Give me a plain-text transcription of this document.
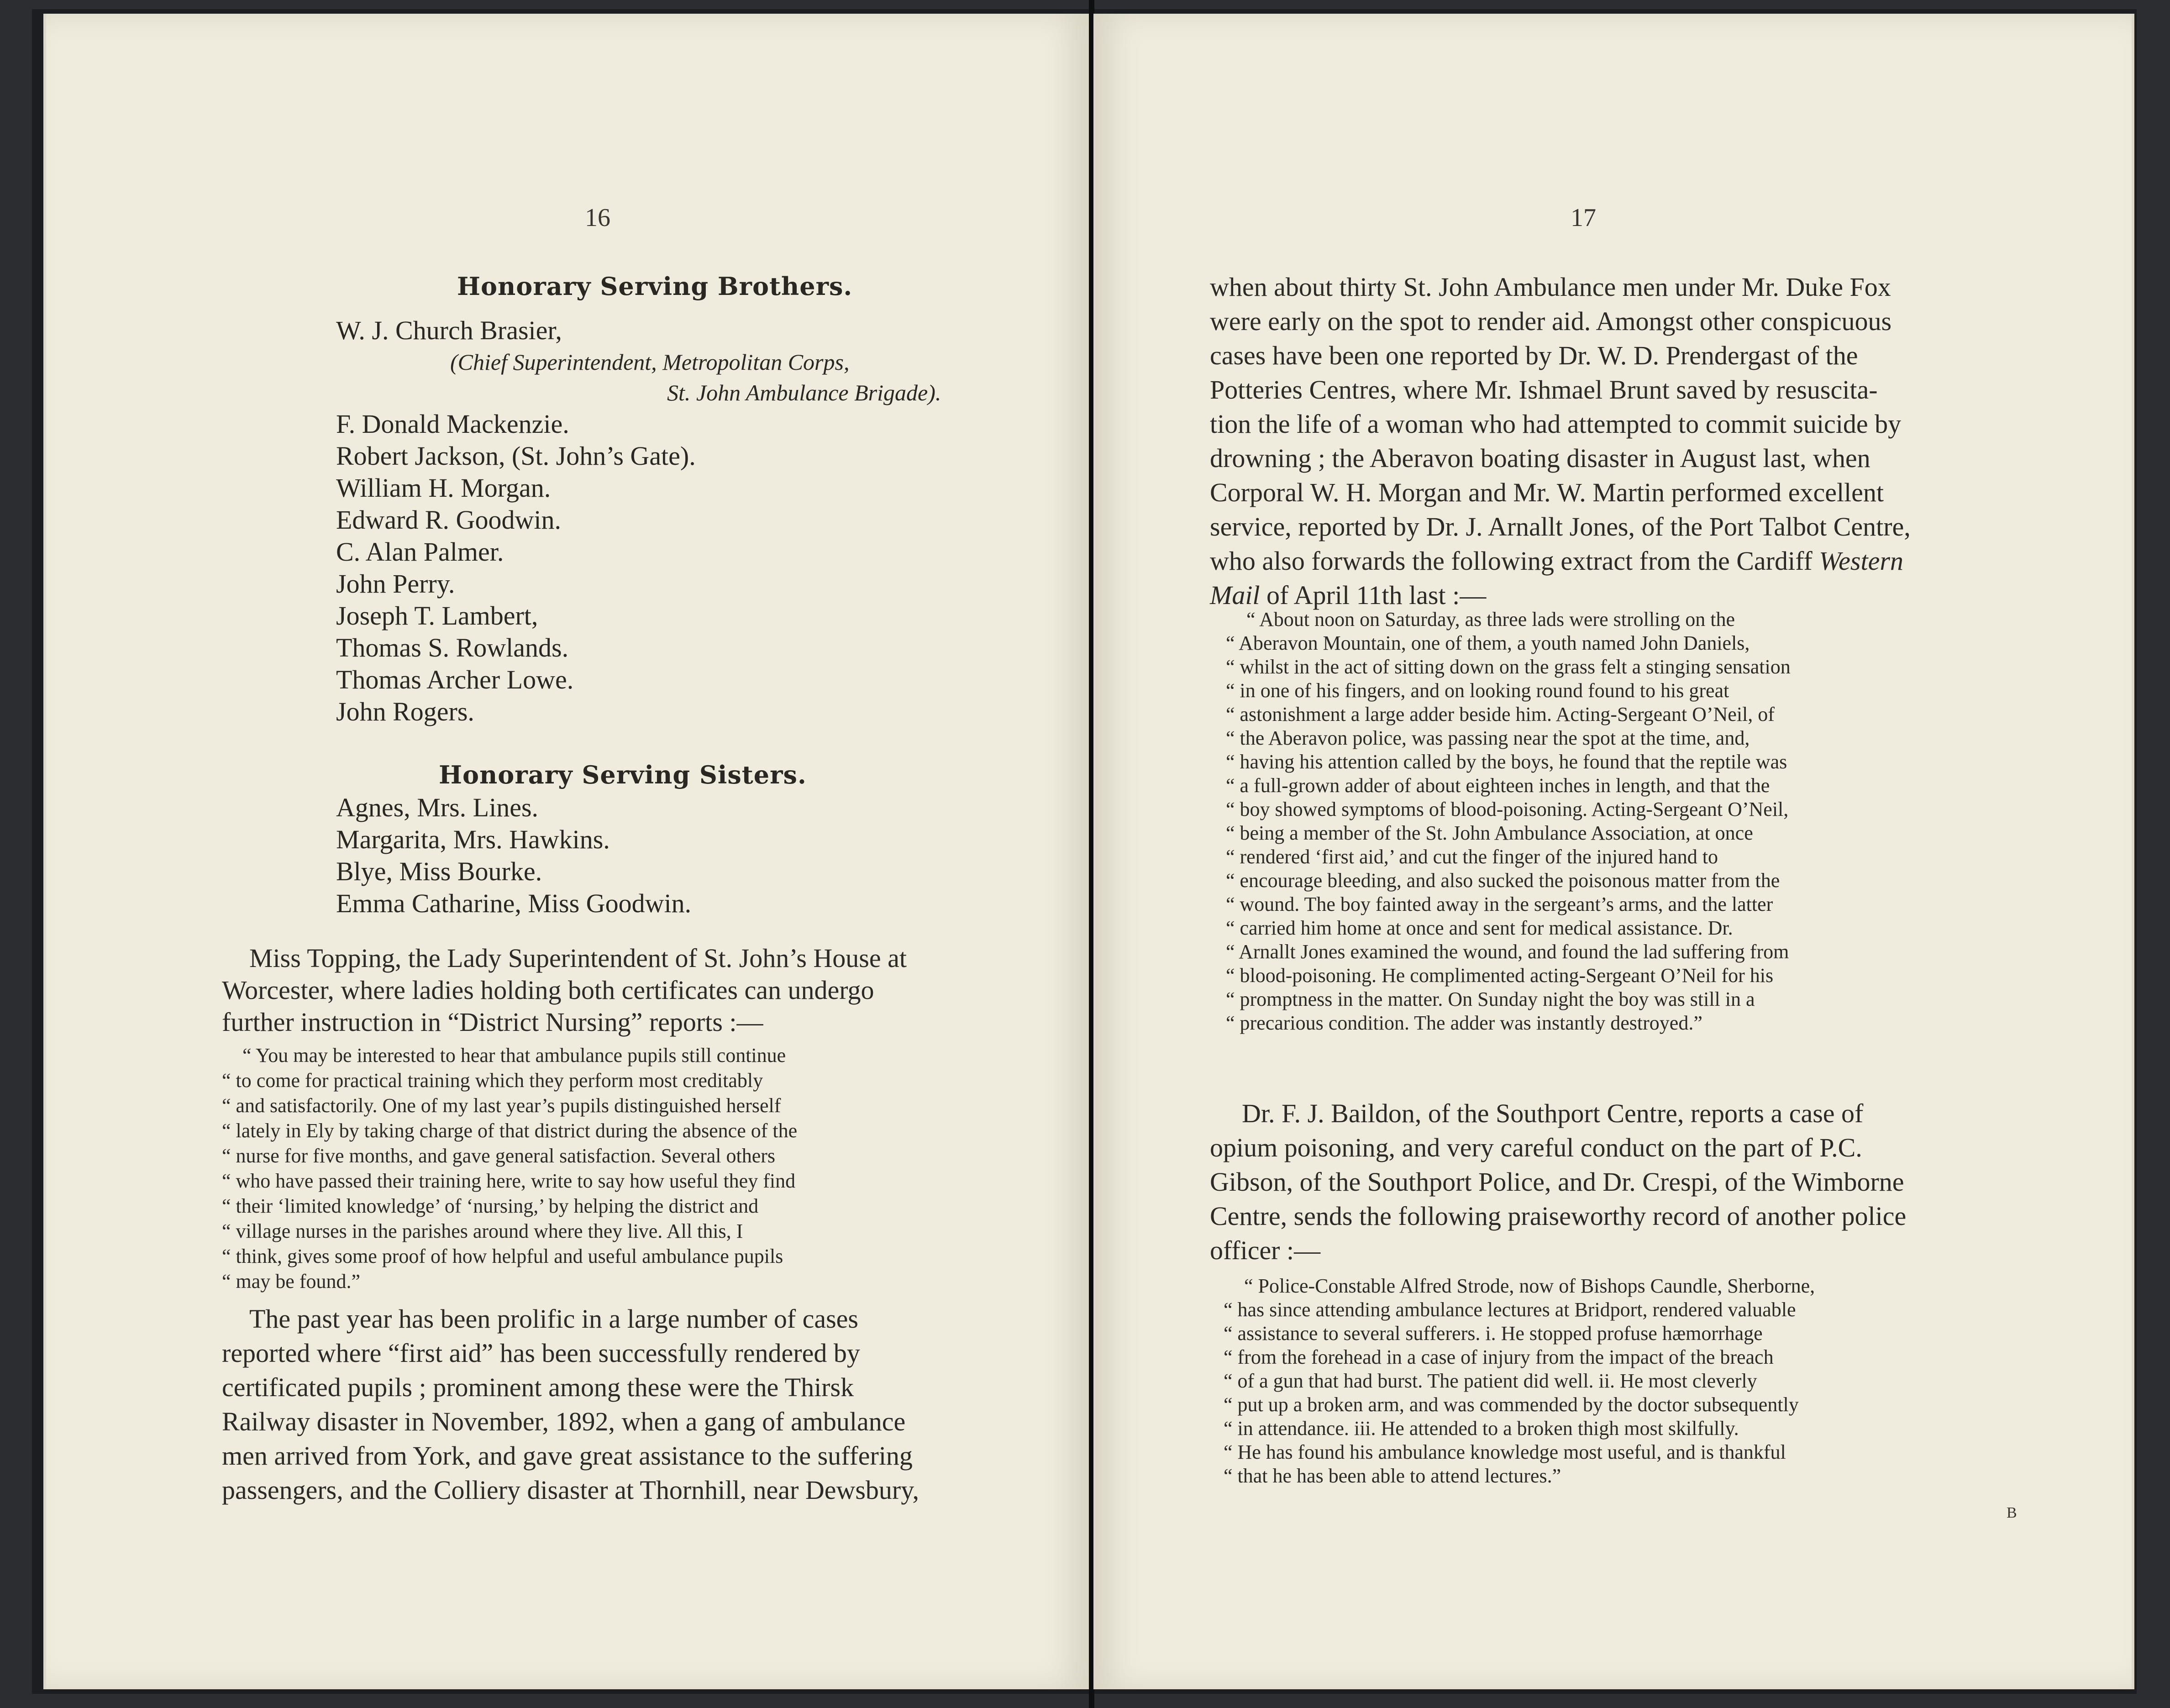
16
Honorary Serving Brothers.
W. J. Church Brasier,
(Chief Superintendent, Metropolitan Corps,
St. John Ambulance Brigade).
F. Donald Mackenzie.
Robert Jackson, (St. John’s Gate).
William H. Morgan.
Edward R. Goodwin.
C. Alan Palmer.
John Perry.
Joseph T. Lambert,
Thomas S. Rowlands.
Thomas Archer Lowe.
John Rogers.
Honorary Serving Sisters.
Agnes, Mrs. Lines.
Margarita, Mrs. Hawkins.
Blye, Miss Bourke.
Emma Catharine, Miss Goodwin.
Miss Topping, the Lady Superintendent of St. John’s House at
Worcester, where ladies holding both certificates can undergo
further instruction in “District Nursing” reports :—
“ You may be interested to hear that ambulance pupils still continue
“ to come for practical training which they perform most creditably
“ and satisfactorily. One of my last year’s pupils distinguished herself
“ lately in Ely by taking charge of that district during the absence of the
“ nurse for five months, and gave general satisfaction. Several others
“ who have passed their training here, write to say how useful they find
“ their ‘limited knowledge’ of ‘nursing,’ by helping the district and
“ village nurses in the parishes around where they live. All this, I
“ think, gives some proof of how helpful and useful ambulance pupils
“ may be found.”
The past year has been prolific in a large number of cases
reported where “first aid” has been successfully rendered by
certificated pupils ; prominent among these were the Thirsk
Railway disaster in November, 1892, when a gang of ambulance
men arrived from York, and gave great assistance to the suffering
passengers, and the Colliery disaster at Thornhill, near Dewsbury,
17
when about thirty St. John Ambulance men under Mr. Duke Fox
were early on the spot to render aid. Amongst other conspicuous
cases have been one reported by Dr. W. D. Prendergast of the
Potteries Centres, where Mr. Ishmael Brunt saved by resuscita-
tion the life of a woman who had attempted to commit suicide by
drowning ; the Aberavon boating disaster in August last, when
Corporal W. H. Morgan and Mr. W. Martin performed excellent
service, reported by Dr. J. Arnallt Jones, of the Port Talbot Centre,
who also forwards the following extract from the Cardiff Western
Mail of April 11th last :—
“ About noon on Saturday, as three lads were strolling on the
“ Aberavon Mountain, one of them, a youth named John Daniels,
“ whilst in the act of sitting down on the grass felt a stinging sensation
“ in one of his fingers, and on looking round found to his great
“ astonishment a large adder beside him. Acting-Sergeant O’Neil, of
“ the Aberavon police, was passing near the spot at the time, and,
“ having his attention called by the boys, he found that the reptile was
“ a full-grown adder of about eighteen inches in length, and that the
“ boy showed symptoms of blood-poisoning. Acting-Sergeant O’Neil,
“ being a member of the St. John Ambulance Association, at once
“ rendered ‘first aid,’ and cut the finger of the injured hand to
“ encourage bleeding, and also sucked the poisonous matter from the
“ wound. The boy fainted away in the sergeant’s arms, and the latter
“ carried him home at once and sent for medical assistance. Dr.
“ Arnallt Jones examined the wound, and found the lad suffering from
“ blood-poisoning. He complimented acting-Sergeant O’Neil for his
“ promptness in the matter. On Sunday night the boy was still in a
“ precarious condition. The adder was instantly destroyed.”
Dr. F. J. Baildon, of the Southport Centre, reports a case of
opium poisoning, and very careful conduct on the part of P.C.
Gibson, of the Southport Police, and Dr. Crespi, of the Wimborne
Centre, sends the following praiseworthy record of another police
officer :—
“ Police-Constable Alfred Strode, now of Bishops Caundle, Sherborne,
“ has since attending ambulance lectures at Bridport, rendered valuable
“ assistance to several sufferers. i. He stopped profuse hæmorrhage
“ from the forehead in a case of injury from the impact of the breach
“ of a gun that had burst. The patient did well. ii. He most cleverly
“ put up a broken arm, and was commended by the doctor subsequently
“ in attendance. iii. He attended to a broken thigh most skilfully.
“ He has found his ambulance knowledge most useful, and is thankful
“ that he has been able to attend lectures.”
B
